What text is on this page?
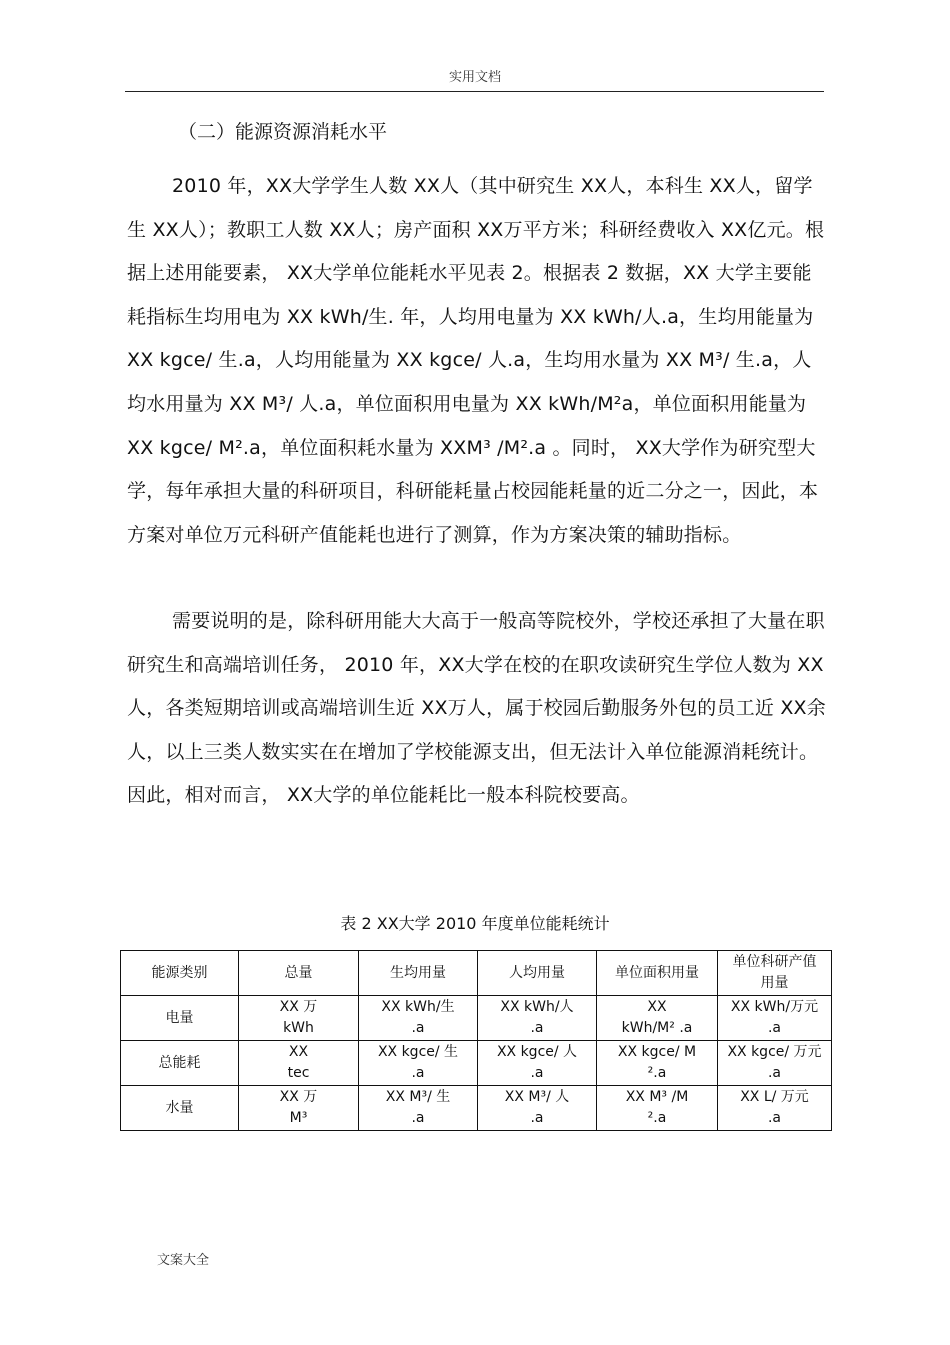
实用文档
（二）能源资源消耗水平

2010 年，XX大学学生人数 XX人（其中研究生 XX人，本科生 XX人，留学生 XX人）；教职工人数 XX人；房产面积 XX万平方米；科研经费收入 XX亿元。根据上述用能要素， XX大学单位能耗水平见表 2。根据表 2 数据，XX 大学主要能耗指标生均用电为 XX kWh/生. 年，人均用电量为 XX kWh/人.a，生均用能量为 XX kgce/ 生.a，人均用能量为 XX kgce/ 人.a，生均用水量为 XX M³/ 生.a，人均水用量为 XX M³/ 人.a，单位面积用电量为 XX kWh/M²a，单位面积用能量为 XX kgce/ M².a，单位面积耗水量为 XXM³ /M².a 。同时， XX大学作为研究型大学，每年承担大量的科研项目，科研能耗量占校园能耗量的近二分之一，因此，本方案对单位万元科研产值能耗也进行了测算，作为方案决策的辅助指标。

需要说明的是，除科研用能大大高于一般高等院校外，学校还承担了大量在职研究生和高端培训任务， 2010 年，XX大学在校的在职攻读研究生学位人数为 XX人，各类短期培训或高端培训生近 XX万人，属于校园后勤服务外包的员工近 XX余人，以上三类人数实实在在增加了学校能源支出，但无法计入单位能源消耗统计。因此，相对而言， XX大学的单位能耗比一般本科院校要高。

表 2 XX大学 2010 年度单位能耗统计
能源类别	总量	生均用量	人均用量	单位面积用量	单位科研产值用量
电量	XX 万 kWh	XX kWh/生 .a	XX kWh/人 .a	XX kWh/M² .a	XX kWh/万元 .a
总能耗	XX tec	XX kgce/ 生 .a	XX kgce/ 人 .a	XX kgce/ M ².a	XX kgce/ 万元 .a
水量	XX 万 M³	XX M³/ 生 .a	XX M³/ 人 .a	XX M³ /M ².a	XX L/ 万元 .a
文案大全
